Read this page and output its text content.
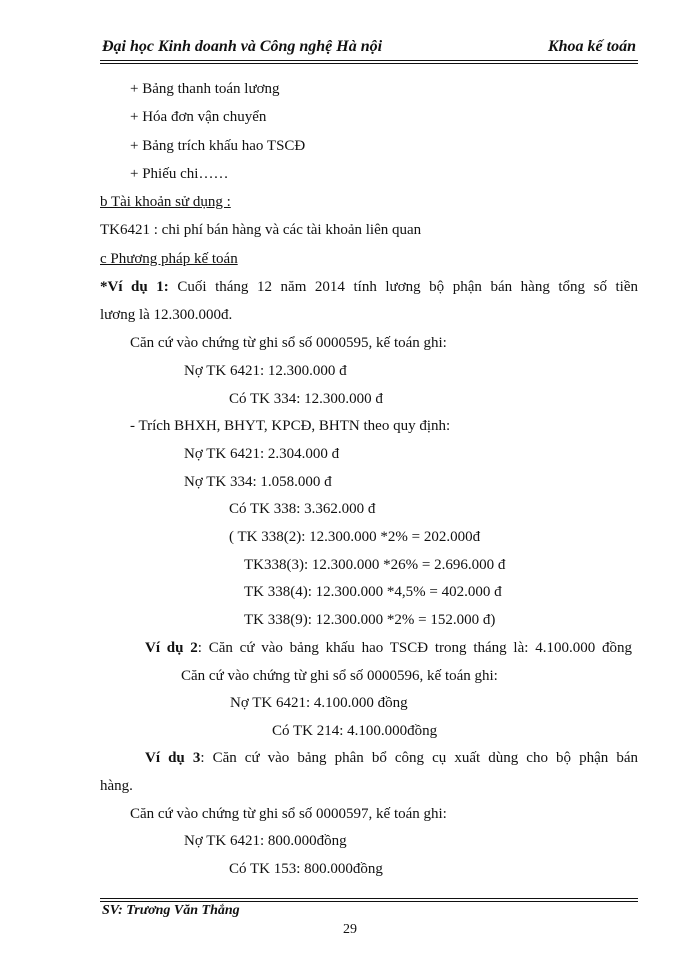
Đại học Kinh doanh và Công nghệ Hà nội	Khoa kế toán
+ Bảng thanh toán lương
+ Hóa đơn vận chuyển
+ Bảng trích khấu hao TSCĐ
+ Phiếu chi……
b Tài khoản sử dụng :
TK6421 : chi phí bán hàng và các tài khoản liên quan
c Phương pháp kế toán
*Ví dụ 1: Cuối tháng 12 năm 2014 tính lương bộ phận bán hàng tổng số tiền
lương là 12.300.000đ.
Căn cứ vào chứng từ ghi sổ số 0000595, kế toán ghi:
Nợ TK 6421: 12.300.000 đ
Có TK 334: 12.300.000 đ
- Trích BHXH, BHYT, KPCĐ, BHTN theo quy định:
Nợ TK 6421: 2.304.000 đ
Nợ TK 334: 1.058.000 đ
Có TK 338: 3.362.000 đ
( TK 338(2): 12.300.000 *2% = 202.000đ
TK338(3): 12.300.000 *26% = 2.696.000 đ
TK 338(4): 12.300.000 *4,5% = 402.000 đ
TK 338(9): 12.300.000 *2% = 152.000 đ)
Ví dụ 2: Căn cứ vào bảng khấu hao TSCĐ trong tháng là: 4.100.000 đồng
Căn cứ vào chứng từ ghi sổ số 0000596, kế toán ghi:
Nợ TK 6421: 4.100.000 đồng
Có TK 214: 4.100.000đồng
Ví dụ 3: Căn cứ vào bảng phân bổ công cụ xuất dùng cho bộ phận bán
hàng.
Căn cứ vào chứng từ ghi sổ số 0000597, kế toán ghi:
Nợ TK 6421: 800.000đồng
Có TK 153: 800.000đồng
SV: Trương Văn Thắng
29
